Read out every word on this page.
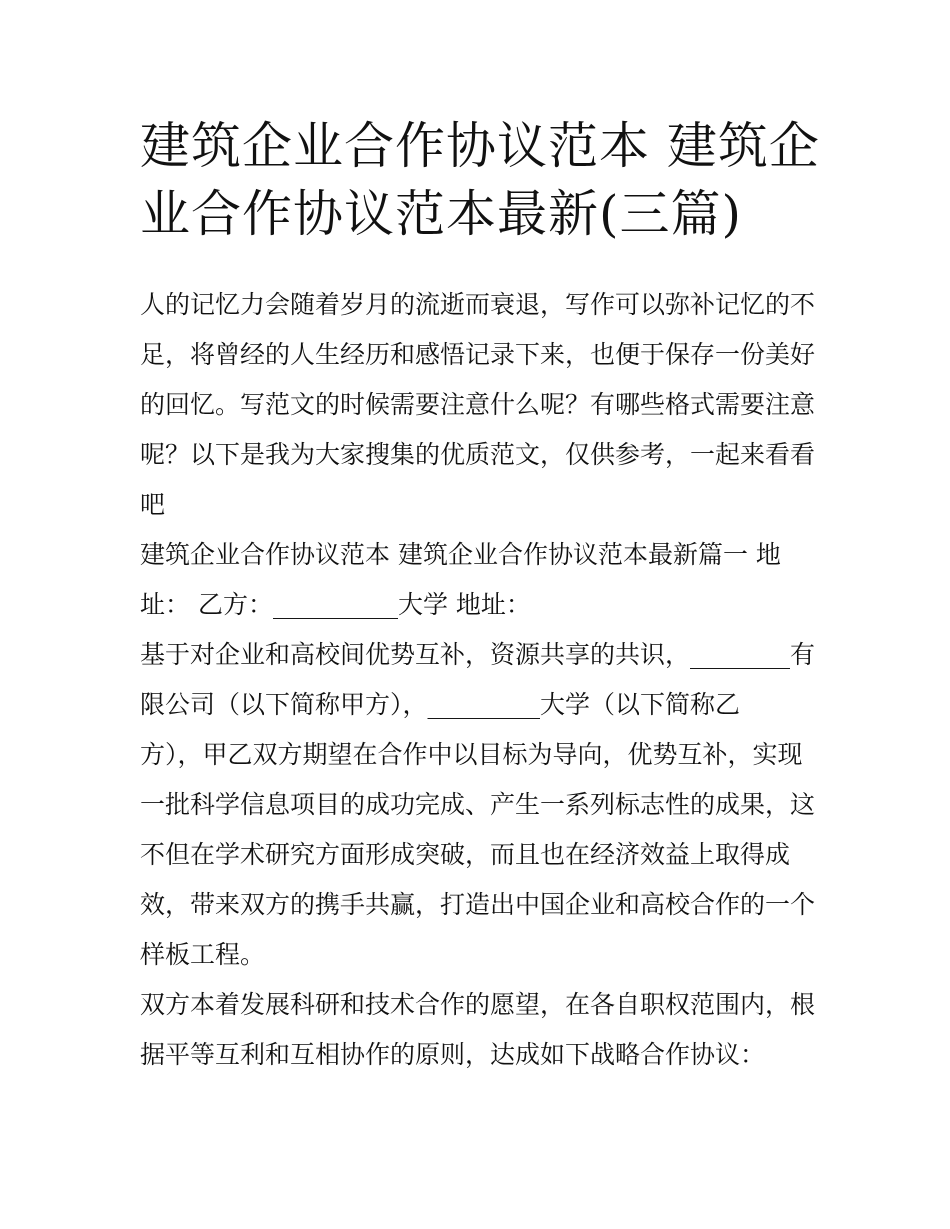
建筑企业合作协议范本 建筑企
业合作协议范本最新(三篇)

人的记忆力会随着岁月的流逝而衰退，写作可以弥补记忆的不
足，将曾经的人生经历和感悟记录下来，也便于保存一份美好
的回忆。写范文的时候需要注意什么呢？有哪些格式需要注意
呢？以下是我为大家搜集的优质范文，仅供参考，一起来看看
吧

建筑企业合作协议范本 建筑企业合作协议范本最新篇一 地
址： 乙方：__________大学 地址：

基于对企业和高校间优势互补，资源共享的共识，________有
限公司（以下简称甲方），_________大学（以下简称乙
方），甲乙双方期望在合作中以目标为导向，优势互补，实现
一批科学信息项目的成功完成、产生一系列标志性的成果，这
不但在学术研究方面形成突破，而且也在经济效益上取得成
效，带来双方的携手共赢，打造出中国企业和高校合作的一个
样板工程。

双方本着发展科研和技术合作的愿望，在各自职权范围内，根
据平等互利和互相协作的原则，达成如下战略合作协议：
